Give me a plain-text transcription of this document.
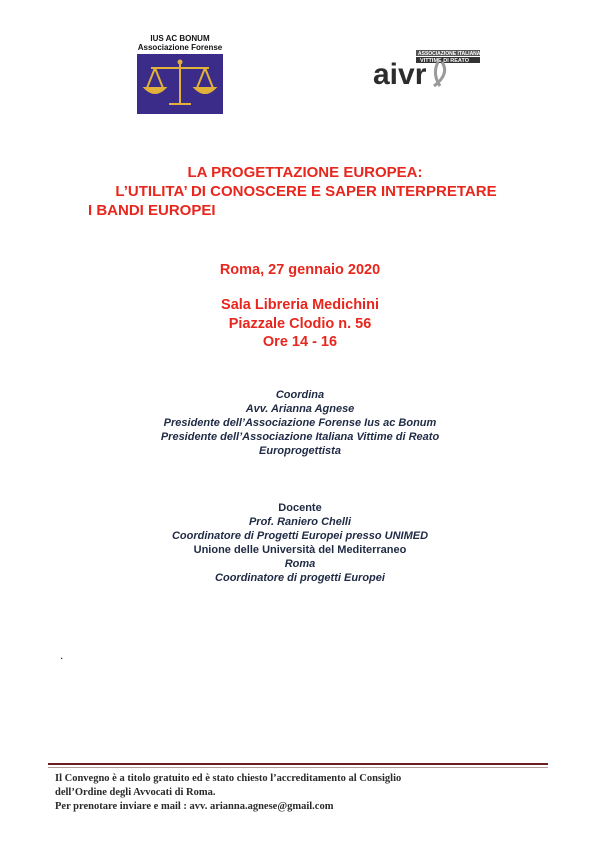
IUS AC BONUM
Associazione Forense
aivr
ASSOCIAZIONE ITALIANA
VITTIME DI REATO
LA PROGETTAZIONE EUROPEA:
L’UTILITA’ DI CONOSCERE E SAPER INTERPRETARE
I BANDI EUROPEI
Roma, 27 gennaio 2020
Sala Libreria Medichini
Piazzale Clodio n. 56
Ore 14 - 16
Coordina
Avv. Arianna Agnese
Presidente dell’Associazione Forense Ius ac Bonum
Presidente dell’Associazione Italiana Vittime di Reato
Europrogettista
Docente
Prof. Raniero Chelli
Coordinatore di Progetti Europei presso UNIMED
Unione delle Università del Mediterraneo
Roma
Coordinatore di progetti Europei
.
Il Convegno è a titolo gratuito ed è stato chiesto l’accreditamento al Consiglio
dell’Ordine degli Avvocati di Roma.
Per prenotare inviare e mail : avv. arianna.agnese@gmail.com
